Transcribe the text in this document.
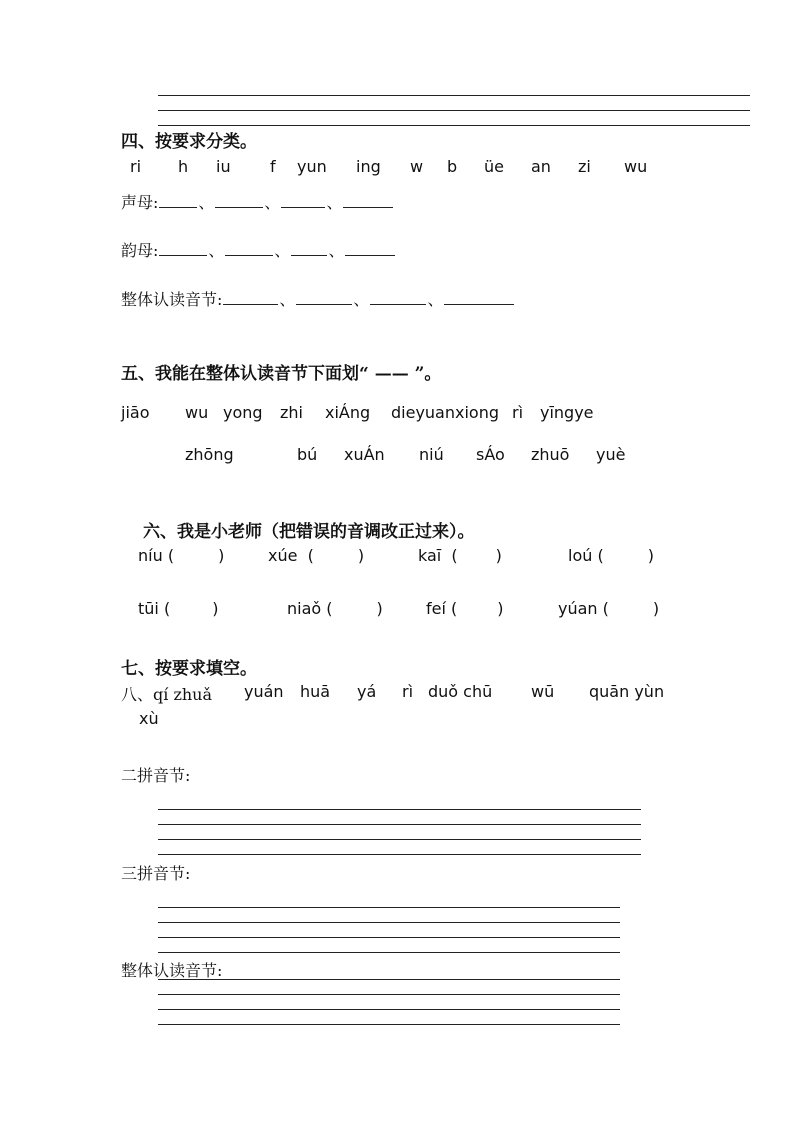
四、按要求分类。
ri h iu f yun ing w b üe an zi wu
声母:	、	、	、
韵母:	、	、 、
整体认读音节:	、	、	、
五、我能在整体认读音节下面划“ —— ”。
jiāo wu yong zhi xiÁng dieyuanxiong rì yīngye
zhōng	bú xuÁn niú sÁo zhuō yuè
六、我是小老师（把错误的音调改正过来）。
níu (	)	xúe (	)	kaī ( )	loú (	)
tūi (	)	niaǒ (	)	feí (	)	yúan (	)
七、按要求填空。
八、qí zhuǎ yuán huā yá rì duǒ chū wū quān yùn
xù
二拼音节:
三拼音节:
整体认读音节:
